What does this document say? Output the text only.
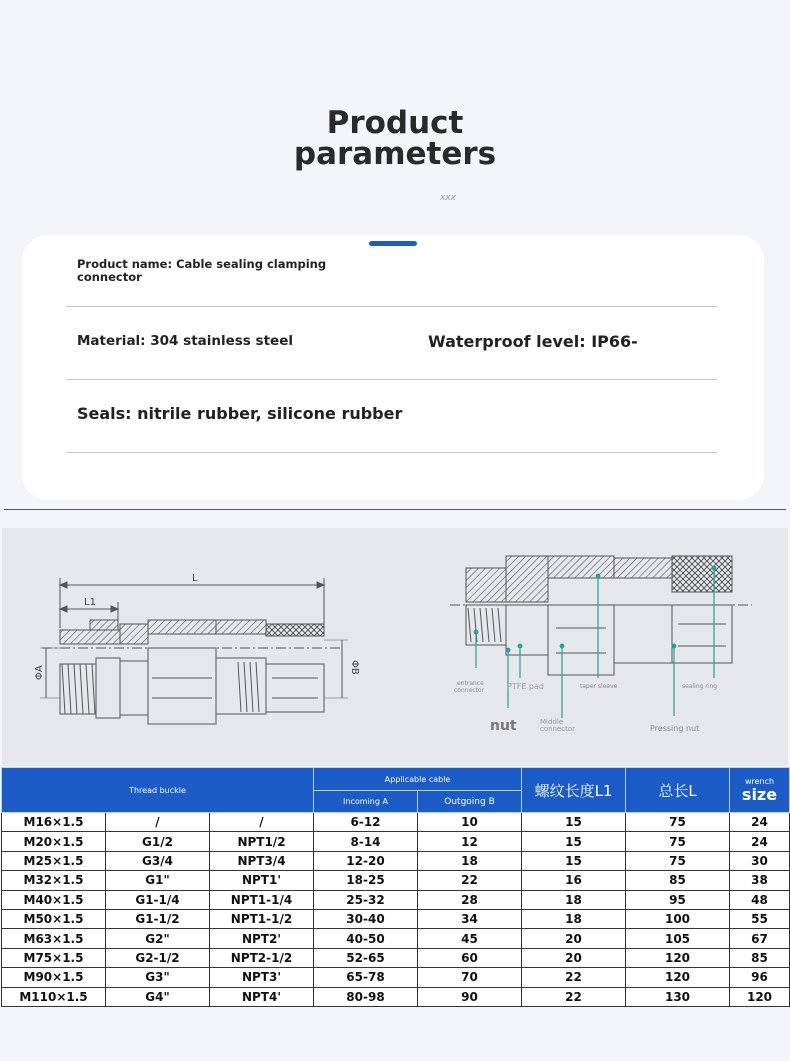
Product
parameters
xxx
Product name: Cable sealing clamping connector
Material: 304 stainless steel	Waterproof level: IP66-
Seals: nitrile rubber, silicone rubber
L
L1
ΦA	ΦB
entrance connector	PTFE pad	taper sleeve	sealing ring
nut	Middle connector	Pressing nut
Thread buckle			Applicable cable		螺纹长度L1	总长L	wrench
size

			Incoming A	Outgoing B			
M16×1.5	/	/	6-12	10	15	75	24
M20×1.5	G1/2	NPT1/2	8-14	12	15	75	24
M25×1.5	G3/4	NPT3/4	12-20	18	15	75	30
M32×1.5	G1"	NPT1'	18-25	22	16	85	38
M40×1.5	G1-1/4	NPT1-1/4	25-32	28	18	95	48
M50×1.5	G1-1/2	NPT1-1/2	30-40	34	18	100	55
M63×1.5	G2"	NPT2'	40-50	45	20	105	67
M75×1.5	G2-1/2	NPT2-1/2	52-65	60	20	120	85
M90×1.5	G3"	NPT3'	65-78	70	22	120	96
M110×1.5	G4"	NPT4'	80-98	90	22	130	120
